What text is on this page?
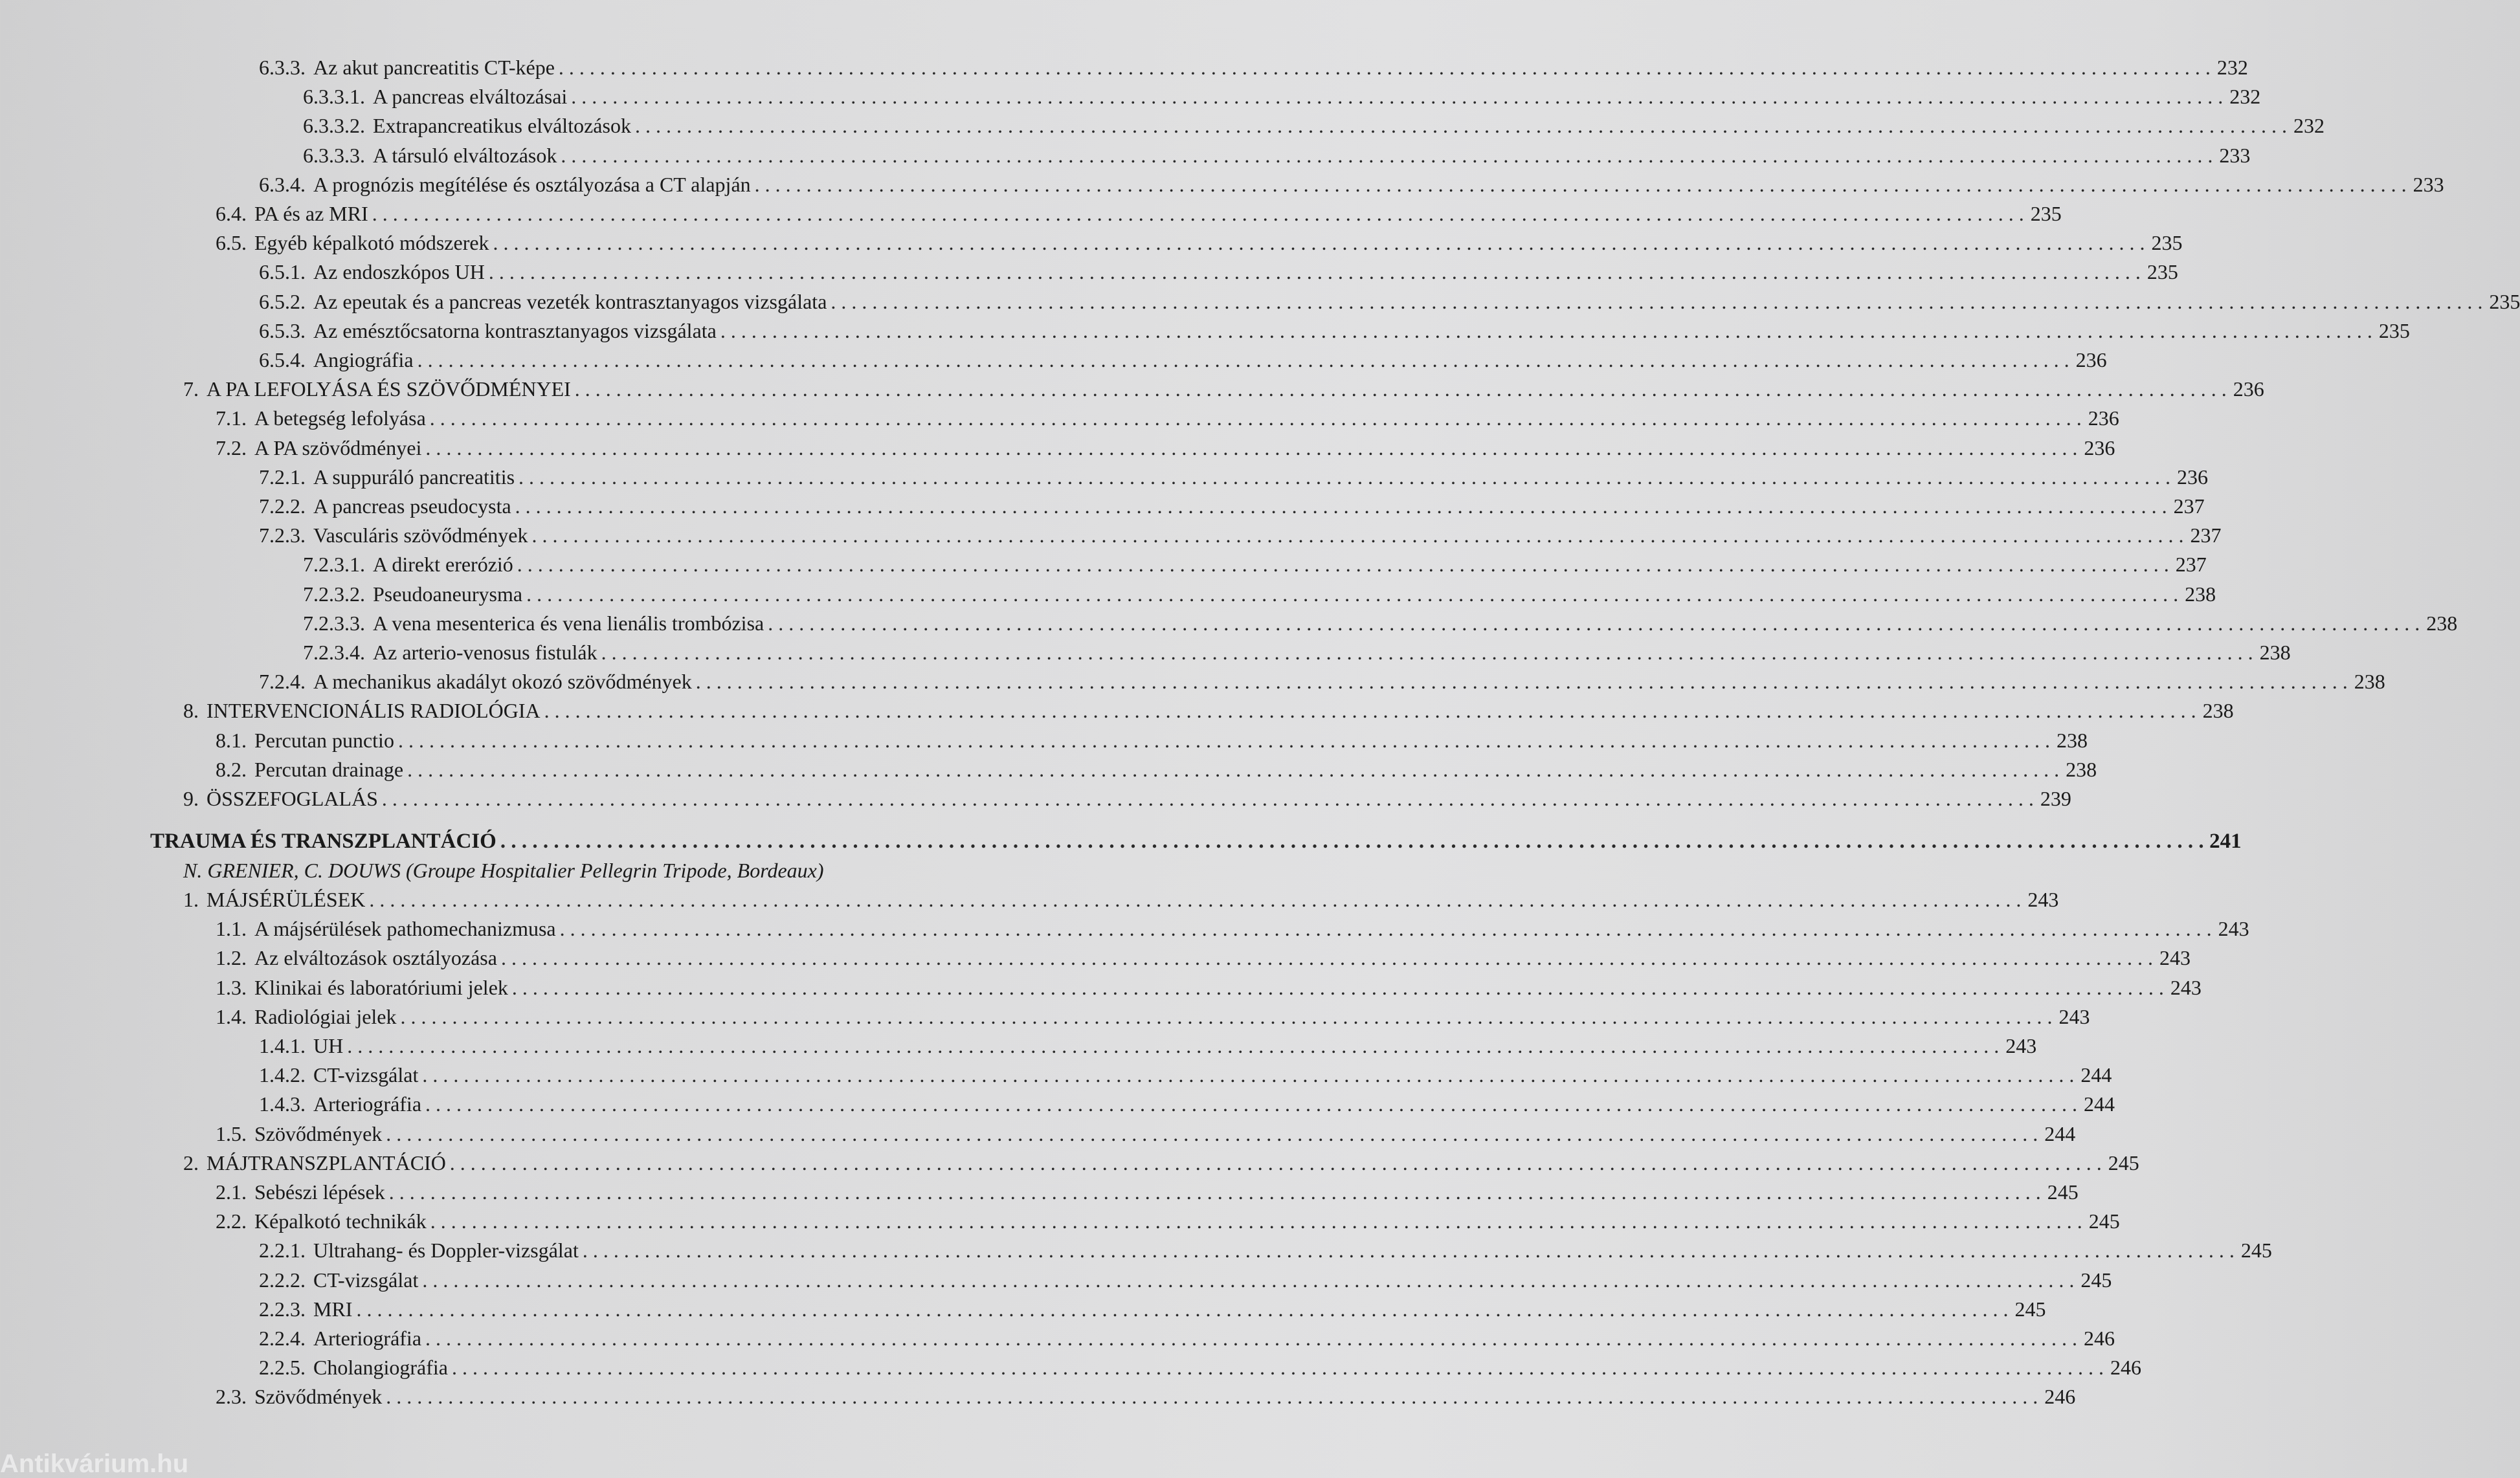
6.3.3. Az akut pancreatitis CT-képe . . . . . . . . . . . . . . . . . . . . . . . . . . . . . . . . . . . . . . . . . . . . . . . . . . . . . . . . . . . . . . . . . . . . . . . . . . . . . . . . . . . . . . . . . . . . . . . . . . . . . . . . . . . . . . . . . . . . . . . . . . . . . . . . . . . . . . . . . . . . . . . . . . . . . . . . . . . . . . . . 232
6.3.3.1. A pancreas elváltozásai . . . . . . . . . . . . . . . . . . . . . . . . . . . . . . . . . . . . . . . . . . . . . . . . . . . . . . . . . . . . . . . . . . . . . . . . . . . . . . . . . . . . . . . . . . . . . . . . . . . . . . . . . . . . . . . . . . . . . . . . . . . . . . . . . . . . . . . . . . . . . . . . . . . . . . . . . . . . . . . . 232
6.3.3.2. Extrapancreatikus elváltozások . . . . . . . . . . . . . . . . . . . . . . . . . . . . . . . . . . . . . . . . . . . . . . . . . . . . . . . . . . . . . . . . . . . . . . . . . . . . . . . . . . . . . . . . . . . . . . . . . . . . . . . . . . . . . . . . . . . . . . . . . . . . . . . . . . . . . . . . . . . . . . . . . . . . . . . . . . . . . . . . 232
6.3.3.3. A társuló elváltozások . . . . . . . . . . . . . . . . . . . . . . . . . . . . . . . . . . . . . . . . . . . . . . . . . . . . . . . . . . . . . . . . . . . . . . . . . . . . . . . . . . . . . . . . . . . . . . . . . . . . . . . . . . . . . . . . . . . . . . . . . . . . . . . . . . . . . . . . . . . . . . . . . . . . . . . . . . . . . . . . 233
6.3.4. A prognózis megítélése és osztályozása a CT alapján . . . . . . . . . . . . . . . . . . . . . . . . . . . . . . . . . . . . . . . . . . . . . . . . . . . . . . . . . . . . . . . . . . . . . . . . . . . . . . . . . . . . . . . . . . . . . . . . . . . . . . . . . . . . . . . . . . . . . . . . . . . . . . . . . . . . . . . . . . . . . . . . . . . . . . . . . . . . . . . . 233
6.4. PA és az MRI . . . . . . . . . . . . . . . . . . . . . . . . . . . . . . . . . . . . . . . . . . . . . . . . . . . . . . . . . . . . . . . . . . . . . . . . . . . . . . . . . . . . . . . . . . . . . . . . . . . . . . . . . . . . . . . . . . . . . . . . . . . . . . . . . . . . . . . . . . . . . . . . . . . . . . . . . . . . . . . . 235
6.5. Egyéb képalkotó módszerek . . . . . . . . . . . . . . . . . . . . . . . . . . . . . . . . . . . . . . . . . . . . . . . . . . . . . . . . . . . . . . . . . . . . . . . . . . . . . . . . . . . . . . . . . . . . . . . . . . . . . . . . . . . . . . . . . . . . . . . . . . . . . . . . . . . . . . . . . . . . . . . . . . . . . . . . . . . . . . . . 235
6.5.1. Az endoszkópos UH . . . . . . . . . . . . . . . . . . . . . . . . . . . . . . . . . . . . . . . . . . . . . . . . . . . . . . . . . . . . . . . . . . . . . . . . . . . . . . . . . . . . . . . . . . . . . . . . . . . . . . . . . . . . . . . . . . . . . . . . . . . . . . . . . . . . . . . . . . . . . . . . . . . . . . . . . . . . . . . . 235
6.5.2. Az epeutak és a pancreas vezeték kontrasztanyagos vizsgálata . . . . . . . . . . . . . . . . . . . . . . . . . . . . . . . . . . . . . . . . . . . . . . . . . . . . . . . . . . . . . . . . . . . . . . . . . . . . . . . . . . . . . . . . . . . . . . . . . . . . . . . . . . . . . . . . . . . . . . . . . . . . . . . . . . . . . . . . . . . . . . . . . . . . . . . . . . . . . . . . 235
6.5.3. Az emésztőcsatorna kontrasztanyagos vizsgálata . . . . . . . . . . . . . . . . . . . . . . . . . . . . . . . . . . . . . . . . . . . . . . . . . . . . . . . . . . . . . . . . . . . . . . . . . . . . . . . . . . . . . . . . . . . . . . . . . . . . . . . . . . . . . . . . . . . . . . . . . . . . . . . . . . . . . . . . . . . . . . . . . . . . . . . . . . . . . . . . 235
6.5.4. Angiográfia . . . . . . . . . . . . . . . . . . . . . . . . . . . . . . . . . . . . . . . . . . . . . . . . . . . . . . . . . . . . . . . . . . . . . . . . . . . . . . . . . . . . . . . . . . . . . . . . . . . . . . . . . . . . . . . . . . . . . . . . . . . . . . . . . . . . . . . . . . . . . . . . . . . . . . . . . . . . . . . . 236
7. A PA LEFOLYÁSA ÉS SZÖVŐDMÉNYEI . . . . . . . . . . . . . . . . . . . . . . . . . . . . . . . . . . . . . . . . . . . . . . . . . . . . . . . . . . . . . . . . . . . . . . . . . . . . . . . . . . . . . . . . . . . . . . . . . . . . . . . . . . . . . . . . . . . . . . . . . . . . . . . . . . . . . . . . . . . . . . . . . . . . . . . . . . . . . . . . 236
7.1. A betegség lefolyása . . . . . . . . . . . . . . . . . . . . . . . . . . . . . . . . . . . . . . . . . . . . . . . . . . . . . . . . . . . . . . . . . . . . . . . . . . . . . . . . . . . . . . . . . . . . . . . . . . . . . . . . . . . . . . . . . . . . . . . . . . . . . . . . . . . . . . . . . . . . . . . . . . . . . . . . . . . . . . . . 236
7.2. A PA szövődményei . . . . . . . . . . . . . . . . . . . . . . . . . . . . . . . . . . . . . . . . . . . . . . . . . . . . . . . . . . . . . . . . . . . . . . . . . . . . . . . . . . . . . . . . . . . . . . . . . . . . . . . . . . . . . . . . . . . . . . . . . . . . . . . . . . . . . . . . . . . . . . . . . . . . . . . . . . . . . . . . 236
7.2.1. A suppuráló pancreatitis . . . . . . . . . . . . . . . . . . . . . . . . . . . . . . . . . . . . . . . . . . . . . . . . . . . . . . . . . . . . . . . . . . . . . . . . . . . . . . . . . . . . . . . . . . . . . . . . . . . . . . . . . . . . . . . . . . . . . . . . . . . . . . . . . . . . . . . . . . . . . . . . . . . . . . . . . . . . . . . . 236
7.2.2. A pancreas pseudocysta . . . . . . . . . . . . . . . . . . . . . . . . . . . . . . . . . . . . . . . . . . . . . . . . . . . . . . . . . . . . . . . . . . . . . . . . . . . . . . . . . . . . . . . . . . . . . . . . . . . . . . . . . . . . . . . . . . . . . . . . . . . . . . . . . . . . . . . . . . . . . . . . . . . . . . . . . . . . . . . . 237
7.2.3. Vasculáris szövődmények . . . . . . . . . . . . . . . . . . . . . . . . . . . . . . . . . . . . . . . . . . . . . . . . . . . . . . . . . . . . . . . . . . . . . . . . . . . . . . . . . . . . . . . . . . . . . . . . . . . . . . . . . . . . . . . . . . . . . . . . . . . . . . . . . . . . . . . . . . . . . . . . . . . . . . . . . . . . . . . . 237
7.2.3.1. A direkt ererózió . . . . . . . . . . . . . . . . . . . . . . . . . . . . . . . . . . . . . . . . . . . . . . . . . . . . . . . . . . . . . . . . . . . . . . . . . . . . . . . . . . . . . . . . . . . . . . . . . . . . . . . . . . . . . . . . . . . . . . . . . . . . . . . . . . . . . . . . . . . . . . . . . . . . . . . . . . . . . . . . 237
7.2.3.2. Pseudoaneurysma . . . . . . . . . . . . . . . . . . . . . . . . . . . . . . . . . . . . . . . . . . . . . . . . . . . . . . . . . . . . . . . . . . . . . . . . . . . . . . . . . . . . . . . . . . . . . . . . . . . . . . . . . . . . . . . . . . . . . . . . . . . . . . . . . . . . . . . . . . . . . . . . . . . . . . . . . . . . . . . . 238
7.2.3.3. A vena mesenterica és vena lienális trombózisa . . . . . . . . . . . . . . . . . . . . . . . . . . . . . . . . . . . . . . . . . . . . . . . . . . . . . . . . . . . . . . . . . . . . . . . . . . . . . . . . . . . . . . . . . . . . . . . . . . . . . . . . . . . . . . . . . . . . . . . . . . . . . . . . . . . . . . . . . . . . . . . . . . . . . . . . . . . . . . . . 238
7.2.3.4. Az arterio-venosus fistulák . . . . . . . . . . . . . . . . . . . . . . . . . . . . . . . . . . . . . . . . . . . . . . . . . . . . . . . . . . . . . . . . . . . . . . . . . . . . . . . . . . . . . . . . . . . . . . . . . . . . . . . . . . . . . . . . . . . . . . . . . . . . . . . . . . . . . . . . . . . . . . . . . . . . . . . . . . . . . . . . 238
7.2.4. A mechanikus akadályt okozó szövődmények . . . . . . . . . . . . . . . . . . . . . . . . . . . . . . . . . . . . . . . . . . . . . . . . . . . . . . . . . . . . . . . . . . . . . . . . . . . . . . . . . . . . . . . . . . . . . . . . . . . . . . . . . . . . . . . . . . . . . . . . . . . . . . . . . . . . . . . . . . . . . . . . . . . . . . . . . . . . . . . . 238
8. INTERVENCIONÁLIS RADIOLÓGIA . . . . . . . . . . . . . . . . . . . . . . . . . . . . . . . . . . . . . . . . . . . . . . . . . . . . . . . . . . . . . . . . . . . . . . . . . . . . . . . . . . . . . . . . . . . . . . . . . . . . . . . . . . . . . . . . . . . . . . . . . . . . . . . . . . . . . . . . . . . . . . . . . . . . . . . . . . . . . . . . 238
8.1. Percutan punctio . . . . . . . . . . . . . . . . . . . . . . . . . . . . . . . . . . . . . . . . . . . . . . . . . . . . . . . . . . . . . . . . . . . . . . . . . . . . . . . . . . . . . . . . . . . . . . . . . . . . . . . . . . . . . . . . . . . . . . . . . . . . . . . . . . . . . . . . . . . . . . . . . . . . . . . . . . . . . . . . 238
8.2. Percutan drainage . . . . . . . . . . . . . . . . . . . . . . . . . . . . . . . . . . . . . . . . . . . . . . . . . . . . . . . . . . . . . . . . . . . . . . . . . . . . . . . . . . . . . . . . . . . . . . . . . . . . . . . . . . . . . . . . . . . . . . . . . . . . . . . . . . . . . . . . . . . . . . . . . . . . . . . . . . . . . . . . 238
9. ÖSSZEFOGLALÁS . . . . . . . . . . . . . . . . . . . . . . . . . . . . . . . . . . . . . . . . . . . . . . . . . . . . . . . . . . . . . . . . . . . . . . . . . . . . . . . . . . . . . . . . . . . . . . . . . . . . . . . . . . . . . . . . . . . . . . . . . . . . . . . . . . . . . . . . . . . . . . . . . . . . . . . . . . . . . . . . 239
TRAUMA ÉS TRANSZPLANTÁCIÓ . . . . . . . . . . . . . . . . . . . . . . . . . . . . . . . . . . . . . . . . . . . . . . . . . . . . . . . . . . . . . . . . . . . . . . . . . . . . . . . . . . . . . . . . . . . . . . . . . . . . . . . . . . . . . . . . . . . . . . . . . . . . . . . . . . . . . . . . . . . . . . . . . . . . . . . . . . . . . . . . 241
1. MÁJSÉRÜLÉSEK . . . . . . . . . . . . . . . . . . . . . . . . . . . . . . . . . . . . . . . . . . . . . . . . . . . . . . . . . . . . . . . . . . . . . . . . . . . . . . . . . . . . . . . . . . . . . . . . . . . . . . . . . . . . . . . . . . . . . . . . . . . . . . . . . . . . . . . . . . . . . . . . . . . . . . . . . . . . . . . . 243
1.1. A májsérülések pathomechanizmusa . . . . . . . . . . . . . . . . . . . . . . . . . . . . . . . . . . . . . . . . . . . . . . . . . . . . . . . . . . . . . . . . . . . . . . . . . . . . . . . . . . . . . . . . . . . . . . . . . . . . . . . . . . . . . . . . . . . . . . . . . . . . . . . . . . . . . . . . . . . . . . . . . . . . . . . . . . . . . . . . 243
1.2. Az elváltozások osztályozása . . . . . . . . . . . . . . . . . . . . . . . . . . . . . . . . . . . . . . . . . . . . . . . . . . . . . . . . . . . . . . . . . . . . . . . . . . . . . . . . . . . . . . . . . . . . . . . . . . . . . . . . . . . . . . . . . . . . . . . . . . . . . . . . . . . . . . . . . . . . . . . . . . . . . . . . . . . . . . . . 243
1.3. Klinikai és laboratóriumi jelek . . . . . . . . . . . . . . . . . . . . . . . . . . . . . . . . . . . . . . . . . . . . . . . . . . . . . . . . . . . . . . . . . . . . . . . . . . . . . . . . . . . . . . . . . . . . . . . . . . . . . . . . . . . . . . . . . . . . . . . . . . . . . . . . . . . . . . . . . . . . . . . . . . . . . . . . . . . . . . . . 243
1.4. Radiológiai jelek . . . . . . . . . . . . . . . . . . . . . . . . . . . . . . . . . . . . . . . . . . . . . . . . . . . . . . . . . . . . . . . . . . . . . . . . . . . . . . . . . . . . . . . . . . . . . . . . . . . . . . . . . . . . . . . . . . . . . . . . . . . . . . . . . . . . . . . . . . . . . . . . . . . . . . . . . . . . . . . . 243
1.4.1. UH . . . . . . . . . . . . . . . . . . . . . . . . . . . . . . . . . . . . . . . . . . . . . . . . . . . . . . . . . . . . . . . . . . . . . . . . . . . . . . . . . . . . . . . . . . . . . . . . . . . . . . . . . . . . . . . . . . . . . . . . . . . . . . . . . . . . . . . . . . . . . . . . . . . . . . . . . . . . . . . . 243
1.4.2. CT-vizsgálat . . . . . . . . . . . . . . . . . . . . . . . . . . . . . . . . . . . . . . . . . . . . . . . . . . . . . . . . . . . . . . . . . . . . . . . . . . . . . . . . . . . . . . . . . . . . . . . . . . . . . . . . . . . . . . . . . . . . . . . . . . . . . . . . . . . . . . . . . . . . . . . . . . . . . . . . . . . . . . . . 244
1.4.3. Arteriográfia . . . . . . . . . . . . . . . . . . . . . . . . . . . . . . . . . . . . . . . . . . . . . . . . . . . . . . . . . . . . . . . . . . . . . . . . . . . . . . . . . . . . . . . . . . . . . . . . . . . . . . . . . . . . . . . . . . . . . . . . . . . . . . . . . . . . . . . . . . . . . . . . . . . . . . . . . . . . . . . . 244
1.5. Szövődmények . . . . . . . . . . . . . . . . . . . . . . . . . . . . . . . . . . . . . . . . . . . . . . . . . . . . . . . . . . . . . . . . . . . . . . . . . . . . . . . . . . . . . . . . . . . . . . . . . . . . . . . . . . . . . . . . . . . . . . . . . . . . . . . . . . . . . . . . . . . . . . . . . . . . . . . . . . . . . . . . 244
2. MÁJTRANSZPLANTÁCIÓ . . . . . . . . . . . . . . . . . . . . . . . . . . . . . . . . . . . . . . . . . . . . . . . . . . . . . . . . . . . . . . . . . . . . . . . . . . . . . . . . . . . . . . . . . . . . . . . . . . . . . . . . . . . . . . . . . . . . . . . . . . . . . . . . . . . . . . . . . . . . . . . . . . . . . . . . . . . . . . . . 245
2.1. Sebészi lépések . . . . . . . . . . . . . . . . . . . . . . . . . . . . . . . . . . . . . . . . . . . . . . . . . . . . . . . . . . . . . . . . . . . . . . . . . . . . . . . . . . . . . . . . . . . . . . . . . . . . . . . . . . . . . . . . . . . . . . . . . . . . . . . . . . . . . . . . . . . . . . . . . . . . . . . . . . . . . . . . 245
2.2. Képalkotó technikák . . . . . . . . . . . . . . . . . . . . . . . . . . . . . . . . . . . . . . . . . . . . . . . . . . . . . . . . . . . . . . . . . . . . . . . . . . . . . . . . . . . . . . . . . . . . . . . . . . . . . . . . . . . . . . . . . . . . . . . . . . . . . . . . . . . . . . . . . . . . . . . . . . . . . . . . . . . . . . . . 245
2.2.1. Ultrahang- és Doppler-vizsgálat . . . . . . . . . . . . . . . . . . . . . . . . . . . . . . . . . . . . . . . . . . . . . . . . . . . . . . . . . . . . . . . . . . . . . . . . . . . . . . . . . . . . . . . . . . . . . . . . . . . . . . . . . . . . . . . . . . . . . . . . . . . . . . . . . . . . . . . . . . . . . . . . . . . . . . . . . . . . . . . . 245
2.2.2. CT-vizsgálat . . . . . . . . . . . . . . . . . . . . . . . . . . . . . . . . . . . . . . . . . . . . . . . . . . . . . . . . . . . . . . . . . . . . . . . . . . . . . . . . . . . . . . . . . . . . . . . . . . . . . . . . . . . . . . . . . . . . . . . . . . . . . . . . . . . . . . . . . . . . . . . . . . . . . . . . . . . . . . . . 245
2.2.3. MRI . . . . . . . . . . . . . . . . . . . . . . . . . . . . . . . . . . . . . . . . . . . . . . . . . . . . . . . . . . . . . . . . . . . . . . . . . . . . . . . . . . . . . . . . . . . . . . . . . . . . . . . . . . . . . . . . . . . . . . . . . . . . . . . . . . . . . . . . . . . . . . . . . . . . . . . . . . . . . . . . 245
2.2.4. Arteriográfia . . . . . . . . . . . . . . . . . . . . . . . . . . . . . . . . . . . . . . . . . . . . . . . . . . . . . . . . . . . . . . . . . . . . . . . . . . . . . . . . . . . . . . . . . . . . . . . . . . . . . . . . . . . . . . . . . . . . . . . . . . . . . . . . . . . . . . . . . . . . . . . . . . . . . . . . . . . . . . . . 246
2.2.5. Cholangiográfia . . . . . . . . . . . . . . . . . . . . . . . . . . . . . . . . . . . . . . . . . . . . . . . . . . . . . . . . . . . . . . . . . . . . . . . . . . . . . . . . . . . . . . . . . . . . . . . . . . . . . . . . . . . . . . . . . . . . . . . . . . . . . . . . . . . . . . . . . . . . . . . . . . . . . . . . . . . . . . . . 246
2.3. Szövődmények . . . . . . . . . . . . . . . . . . . . . . . . . . . . . . . . . . . . . . . . . . . . . . . . . . . . . . . . . . . . . . . . . . . . . . . . . . . . . . . . . . . . . . . . . . . . . . . . . . . . . . . . . . . . . . . . . . . . . . . . . . . . . . . . . . . . . . . . . . . . . . . . . . . . . . . . . . . . . . . . 246
N. GRENIER, C. DOUWS (Groupe Hospitalier Pellegrin Tripode, Bordeaux)
Antikvárium.hu
